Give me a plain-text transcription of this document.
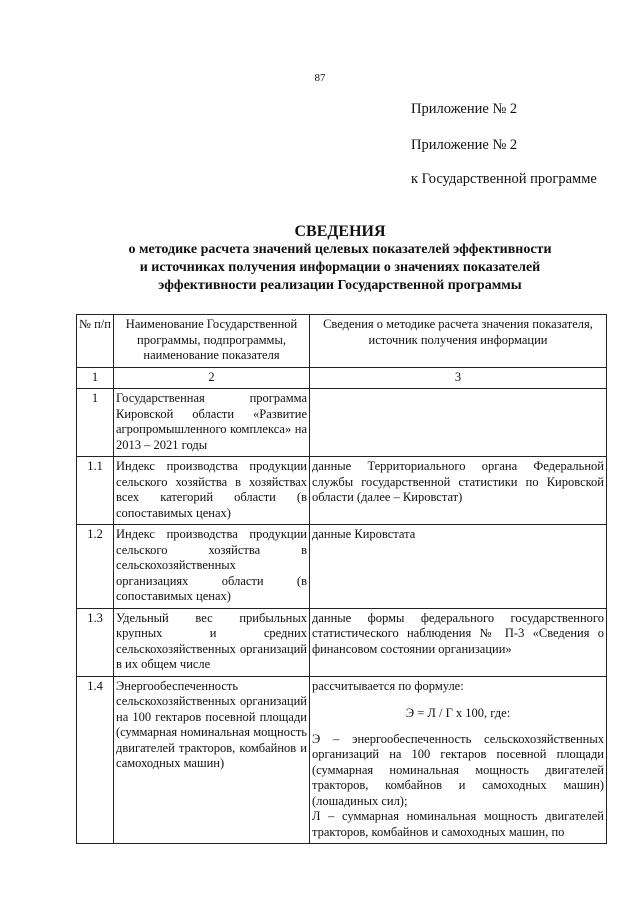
87
Приложение № 2
Приложение № 2
к Государственной программе
СВЕДЕНИЯ
о методике расчета значений целевых показателей эффективности
и источниках получения информации о значениях показателей
эффективности реализации Государственной программы
№ п/п	Наименование Государственной программы, подпрограммы, наименование показателя	Сведения о методике расчета значения показателя, источник получения информации
1	2	3
1	Государственная программа Кировской области «Развитие агропромышленного комплекса» на 2013 – 2021 годы	
1.1	Индекс производства продукции сельского хозяйства в хозяйствах всех категорий области (в сопоставимых ценах)	данные Территориального органа Федеральной службы государственной статистики по Кировской области (далее – Кировстат)
1.2	Индекс производства продукции сельского хозяйства в сельскохозяйственных организациях области (в сопоставимых ценах)	данные Кировстата
1.3	Удельный вес прибыльных крупных и средних сельскохозяйственных организаций в их общем числе	данные формы федерального государственного статистического наблюдения № П-3 «Сведения о финансовом состоянии организации»
1.4	Энергообеспеченность сельскохозяйственных организаций на 100 гектаров посевной площади (суммарная номинальная мощность двигателей тракторов, комбайнов и самоходных машин)	рассчитывается по формуле:
Э = Л / Г х 100, где:
Э – энергообеспеченность сельскохозяйственных организаций на 100 гектаров посевной площади (суммарная номинальная мощность двигателей тракторов, комбайнов и самоходных машин) (лошадиных сил);
Л – суммарная номинальная мощность двигателей тракторов, комбайнов и самоходных машин, по
